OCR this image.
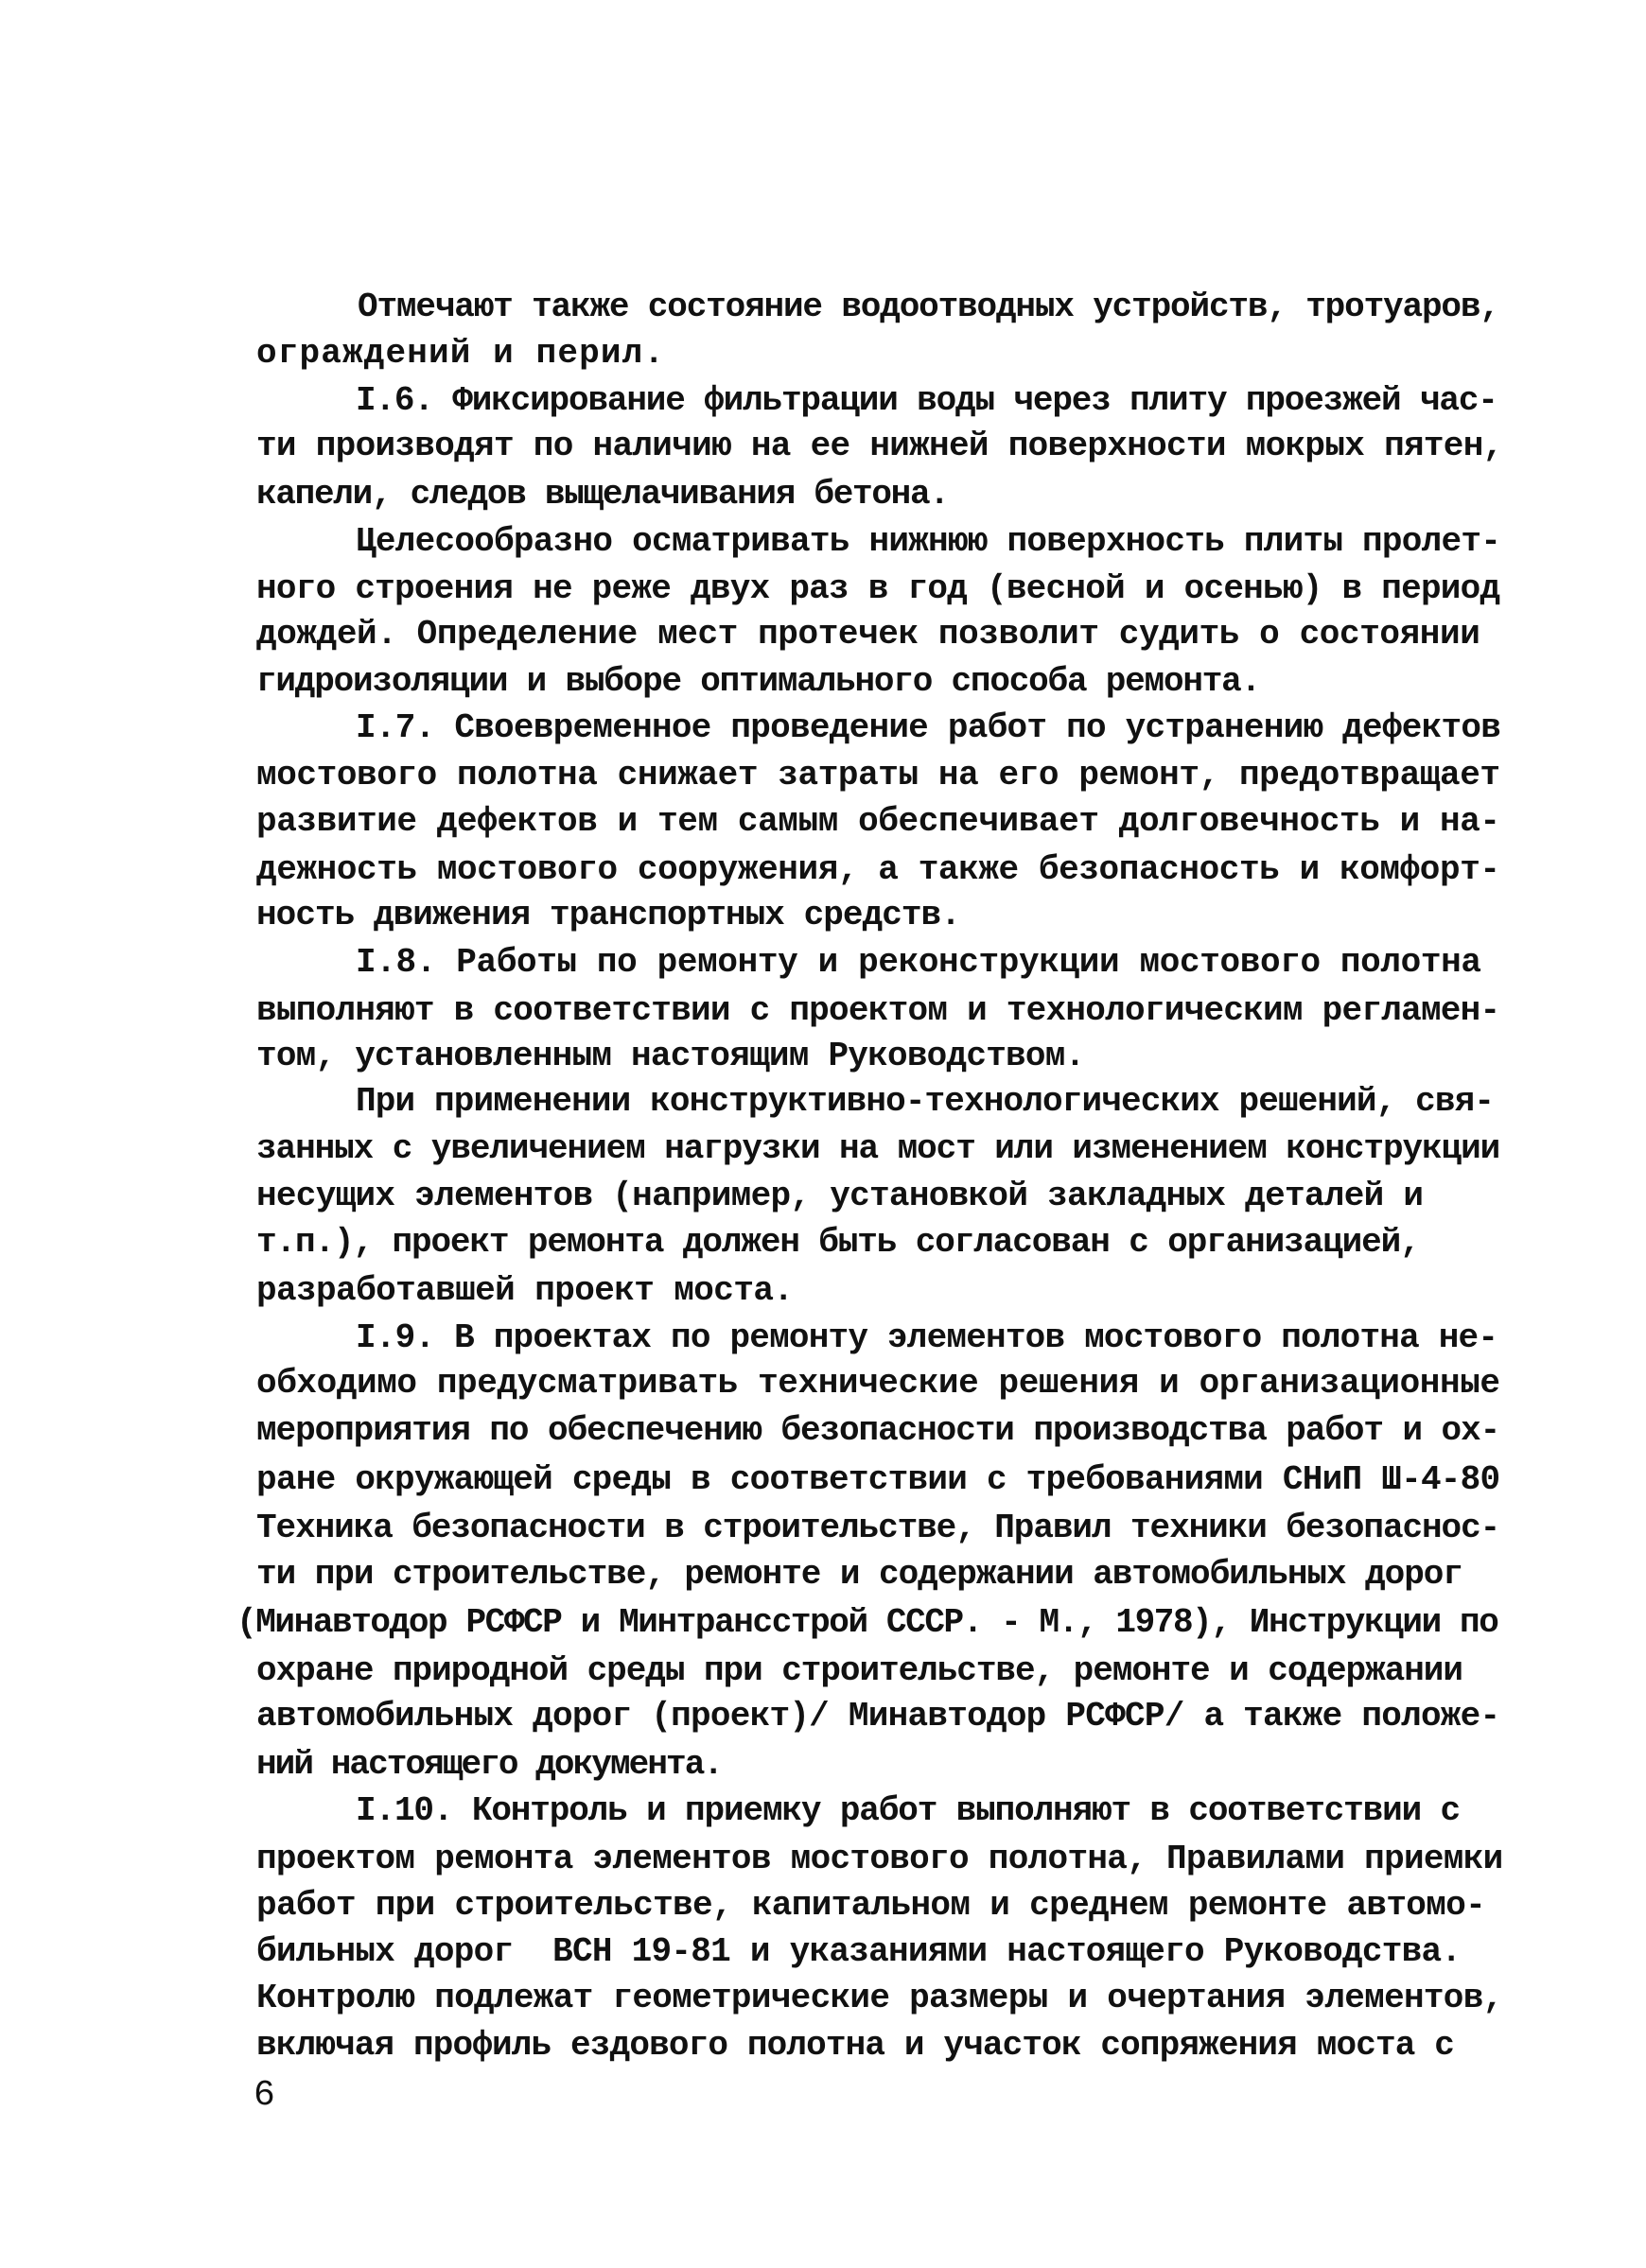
Отмечают также состояние водоотводных устройств, тротуаров,
ограждений и перил.
I.6. Фиксирование фильтрации воды через плиту проезжей час-
ти производят по наличию на ее нижней поверхности мокрых пятен,
капели, следов выщелачивания бетона.
Целесообразно осматривать нижнюю поверхность плиты пролет-
ного строения не реже двух раз в год (весной и осенью) в период
дождей. Определение мест протечек позволит судить о состоянии
гидроизоляции и выборе оптимального способа ремонта.
I.7. Своевременное проведение работ по устранению дефектов
мостового полотна снижает затраты на его ремонт, предотвращает
развитие дефектов и тем самым обеспечивает долговечность и на-
дежность мостового сооружения, а также безопасность и комфорт-
ность движения транспортных средств.
I.8. Работы по ремонту и реконструкции мостового полотна
выполняют в соответствии с проектом и технологическим регламен-
том, установленным настоящим Руководством.
При применении конструктивно-технологических решений, свя-
занных с увеличением нагрузки на мост или изменением конструкции
несущих элементов (например, установкой закладных деталей и
т.п.), проект ремонта должен быть согласован с организацией,
разработавшей проект моста.
I.9. В проектах по ремонту элементов мостового полотна не-
обходимо предусматривать технические решения и организационные
мероприятия по обеспечению безопасности производства работ и ох-
ране окружающей среды в соответствии с требованиями СНиП Ш-4-80
Техника безопасности в строительстве, Правил техники безопаснос-
ти при строительстве, ремонте и содержании автомобильных дорог
(Минавтодор РСФСР и Минтрансстрой СССР. - М., 1978), Инструкции по
охране природной среды при строительстве, ремонте и содержании
автомобильных дорог (проект)/ Минавтодор РСФСР/ а также положе-
ний настоящего документа.
I.10. Контроль и приемку работ выполняют в соответствии с
проектом ремонта элементов мостового полотна, Правилами приемки
работ при строительстве, капитальном и среднем ремонте автомо-
бильных дорог  ВСН 19-81 и указаниями настоящего Руководства.
Контролю подлежат геометрические размеры и очертания элементов,
включая профиль ездового полотна и участок сопряжения моста с
6
